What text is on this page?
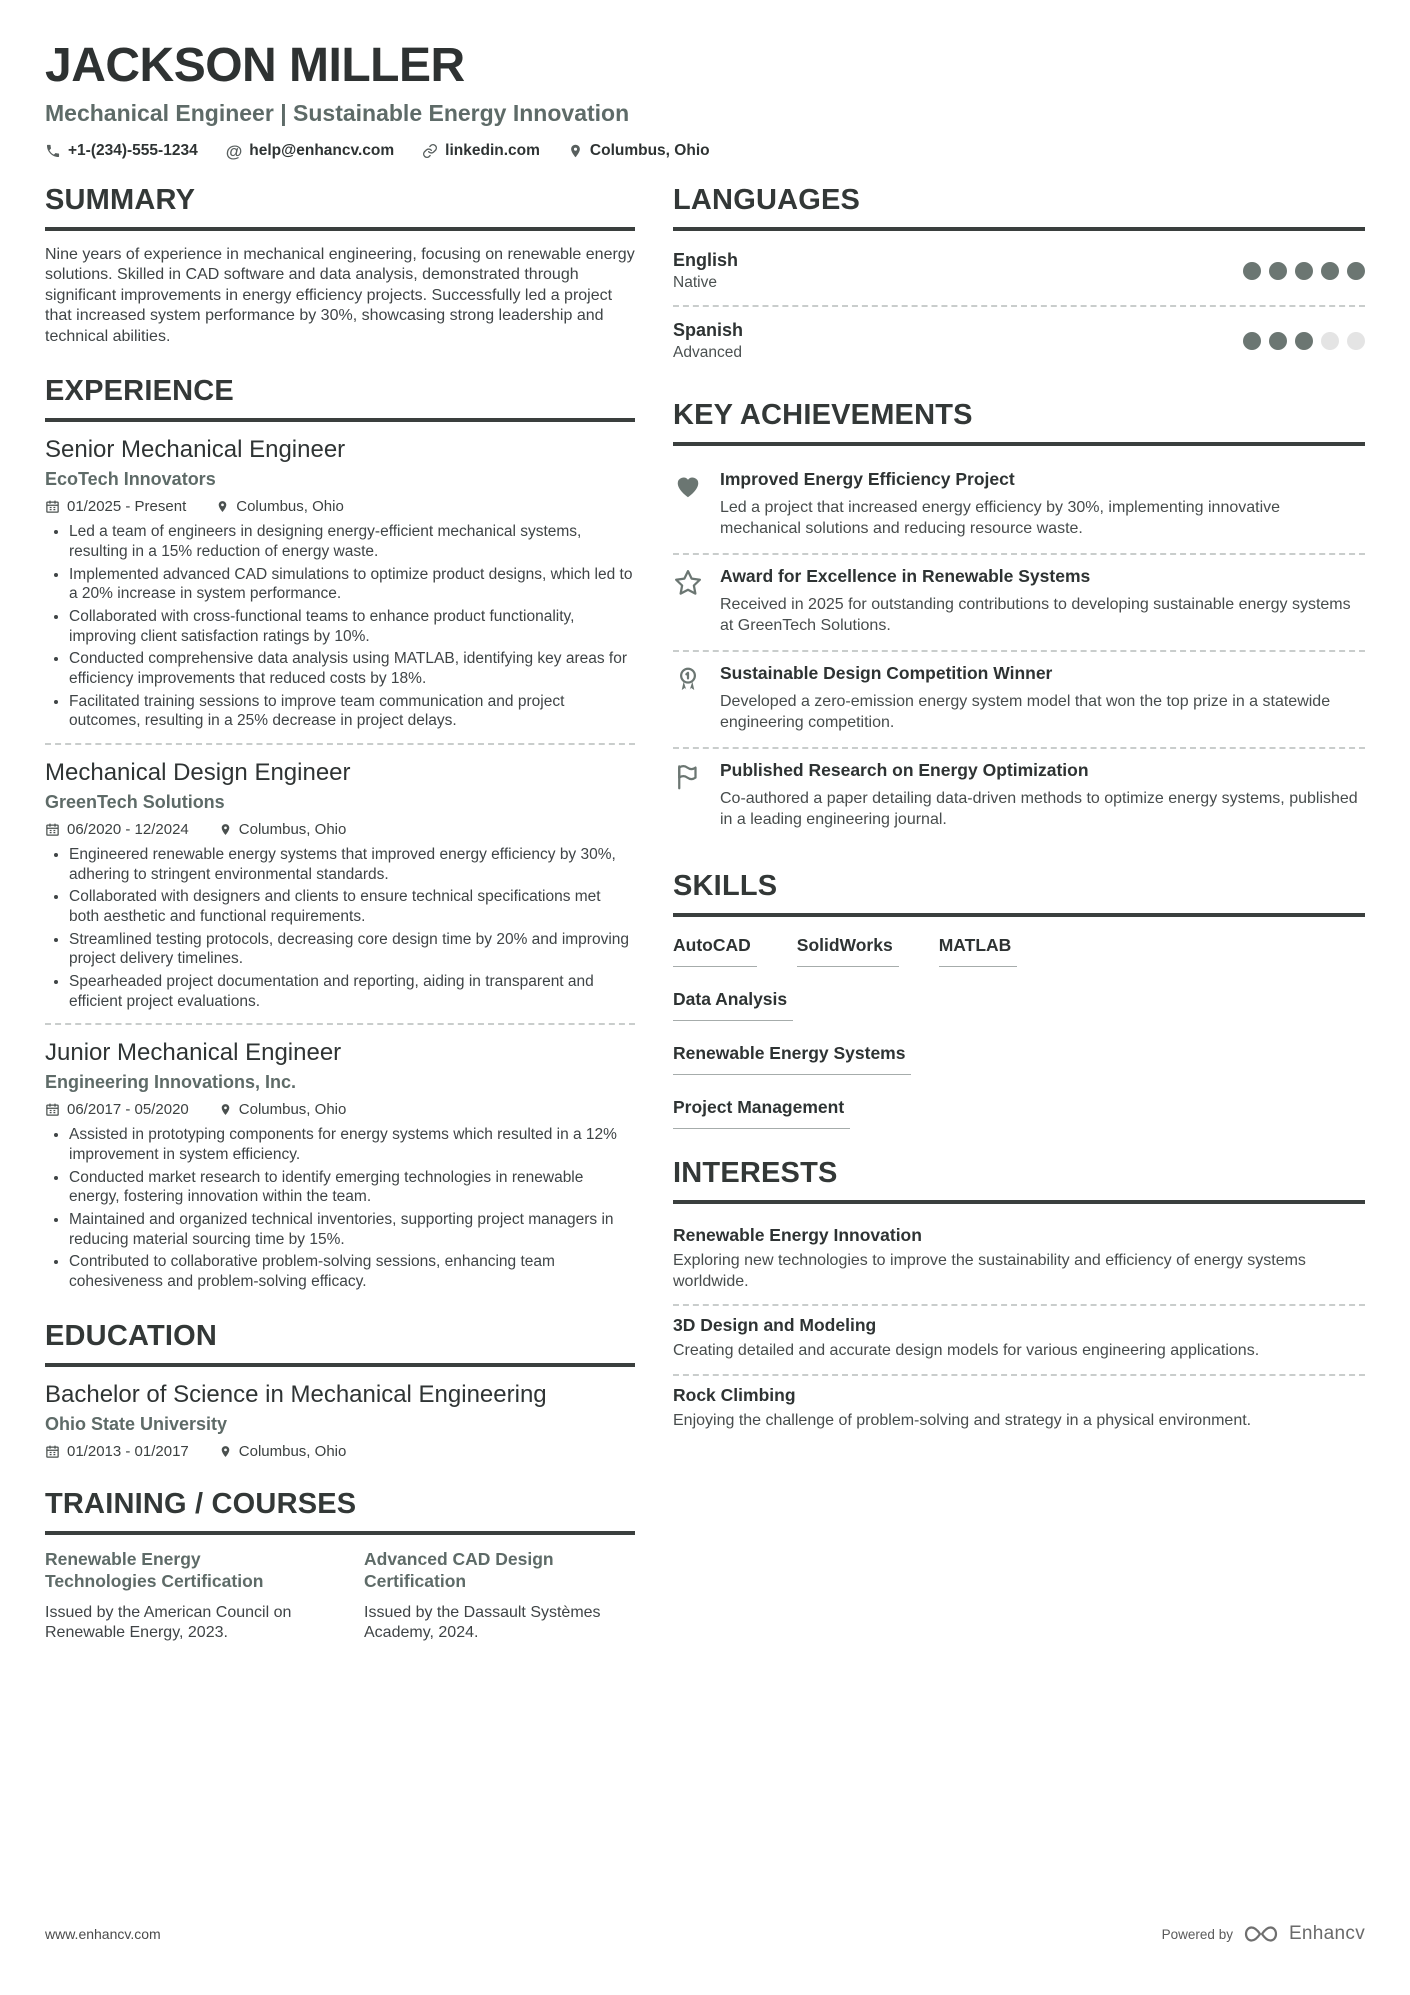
JACKSON MILLER
Mechanical Engineer | Sustainable Energy Innovation
+1-(234)-555-1234 @ help@enhancv.com	linkedin.com	Columbus, Ohio
SUMMARY

Nine years of experience in mechanical engineering, focusing on renewable energy solutions. Skilled in CAD software and data analysis, demonstrated through significant improvements in energy efficiency projects. Successfully led a project that increased system performance by 30%, showcasing strong leadership and technical abilities.

EXPERIENCE
Senior Mechanical Engineer
EcoTech Innovators
01/2025 - Present	Columbus, Ohio
• Led a team of engineers in designing energy-efficient mechanical systems, resulting in a 15% reduction of energy waste.
• Implemented advanced CAD simulations to optimize product designs, which led to a 20% increase in system performance.
• Collaborated with cross-functional teams to enhance product functionality, improving client satisfaction ratings by 10%.
• Conducted comprehensive data analysis using MATLAB, identifying key areas for efficiency improvements that reduced costs by 18%.
• Facilitated training sessions to improve team communication and project outcomes, resulting in a 25% decrease in project delays.
Mechanical Design Engineer
GreenTech Solutions
06/2020 - 12/2024	Columbus, Ohio
• Engineered renewable energy systems that improved energy efficiency by 30%, adhering to stringent environmental standards.
• Collaborated with designers and clients to ensure technical specifications met both aesthetic and functional requirements.
• Streamlined testing protocols, decreasing core design time by 20% and improving project delivery timelines.
• Spearheaded project documentation and reporting, aiding in transparent and efficient project evaluations.
Junior Mechanical Engineer
Engineering Innovations, Inc.
06/2017 - 05/2020	Columbus, Ohio
• Assisted in prototyping components for energy systems which resulted in a 12% improvement in system efficiency.
• Conducted market research to identify emerging technologies in renewable energy, fostering innovation within the team.
• Maintained and organized technical inventories, supporting project managers in reducing material sourcing time by 15%.
• Contributed to collaborative problem-solving sessions, enhancing team cohesiveness and problem-solving efficacy.
EDUCATION
Bachelor of Science in Mechanical Engineering
Ohio State University
01/2013 - 01/2017	Columbus, Ohio
TRAINING / COURSES

Renewable Energy Technologies Certification

Issued by the American Council on Renewable Energy, 2023.

Advanced CAD Design Certification

Issued by the Dassault Systèmes Academy, 2024.

LANGUAGES

English

Native

Spanish

Advanced

KEY ACHIEVEMENTS

Improved Energy Efficiency Project

Led a project that increased energy efficiency by 30%, implementing innovative mechanical solutions and reducing resource waste.

Award for Excellence in Renewable Systems

Received in 2025 for outstanding contributions to developing sustainable energy systems at GreenTech Solutions.

Sustainable Design Competition Winner

Developed a zero-emission energy system model that won the top prize in a statewide engineering competition.

Published Research on Energy Optimization

Co-authored a paper detailing data-driven methods to optimize energy systems, published in a leading engineering journal.

SKILLS
AutoCAD	SolidWorks	MATLAB
Data Analysis
Renewable Energy Systems
Project Management
INTERESTS

Renewable Energy Innovation

Exploring new technologies to improve the sustainability and efficiency of energy systems worldwide.

3D Design and Modeling

Creating detailed and accurate design models for various engineering applications.

Rock Climbing

Enjoying the challenge of problem-solving and strategy in a physical environment.

www.enhancv.com	Powered by	Enhancv
